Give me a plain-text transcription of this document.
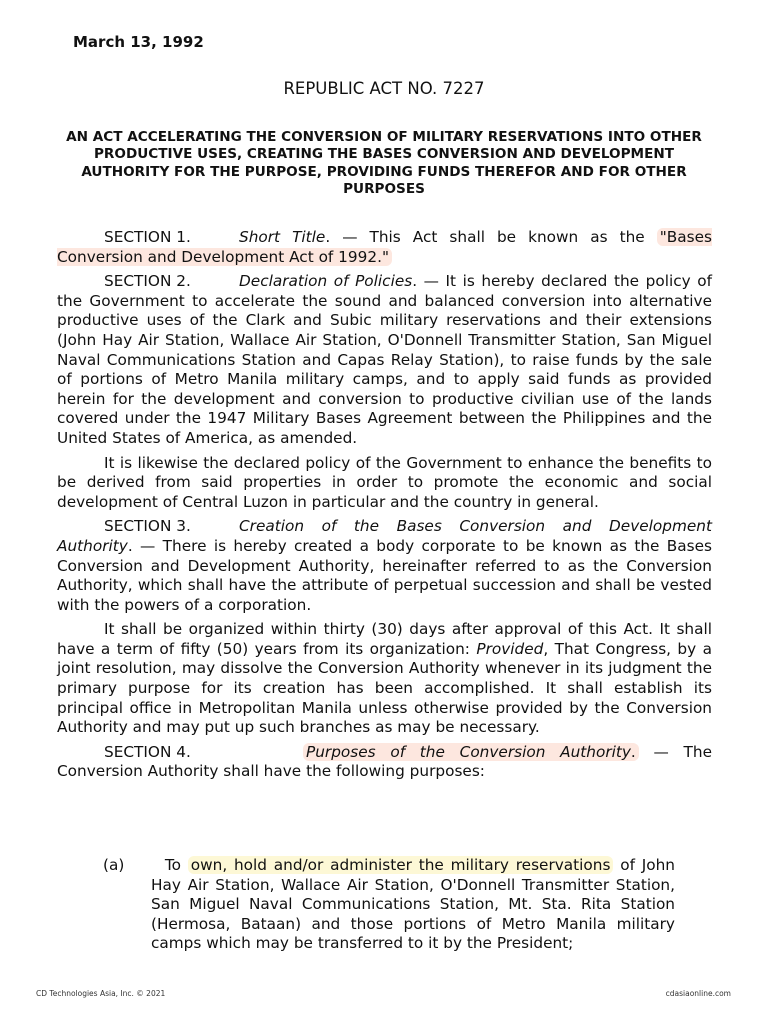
March 13, 1992
REPUBLIC ACT NO. 7227
AN ACT ACCELERATING THE CONVERSION OF MILITARY RESERVATIONS INTO OTHER PRODUCTIVE USES, CREATING THE BASES CONVERSION AND DEVELOPMENT AUTHORITY FOR THE PURPOSE, PROVIDING FUNDS THEREFOR AND FOR OTHER PURPOSES

SECTION 1.	Short Title. — This Act shall be known as the "Bases Conversion and Development Act of 1992."

SECTION 2.	Declaration of Policies. — It is hereby declared the policy of the Government to accelerate the sound and balanced conversion into alternative productive uses of the Clark and Subic military reservations and their extensions (John Hay Air Station, Wallace Air Station, O'Donnell Transmitter Station, San Miguel Naval Communications Station and Capas Relay Station), to raise funds by the sale of portions of Metro Manila military camps, and to apply said funds as provided herein for the development and conversion to productive civilian use of the lands covered under the 1947 Military Bases Agreement between the Philippines and the United States of America, as amended.

It is likewise the declared policy of the Government to enhance the benefits to be derived from said properties in order to promote the economic and social development of Central Luzon in particular and the country in general.

SECTION 3.	Creation of the Bases Conversion and Development Authority. — There is hereby created a body corporate to be known as the Bases Conversion and Development Authority, hereinafter referred to as the Conversion Authority, which shall have the attribute of perpetual succession and shall be vested with the powers of a corporation.

It shall be organized within thirty (30) days after approval of this Act. It shall have a term of fifty (50) years from its organization: Provided, That Congress, by a joint resolution, may dissolve the Conversion Authority whenever in its judgment the primary purpose for its creation has been accomplished. It shall establish its principal office in Metropolitan Manila unless otherwise provided by the Conversion Authority and may put up such branches as may be necessary.

SECTION 4.	Purposes of the Conversion Authority. — The Conversion Authority shall have the following purposes:

(a)	To own, hold and/or administer the military reservations of John Hay Air Station, Wallace Air Station, O'Donnell Transmitter Station, San Miguel Naval Communications Station, Mt. Sta. Rita Station (Hermosa, Bataan) and those portions of Metro Manila military camps which may be transferred to it by the President;
CD Technologies Asia, Inc. © 2021	cdasiaonline.com
